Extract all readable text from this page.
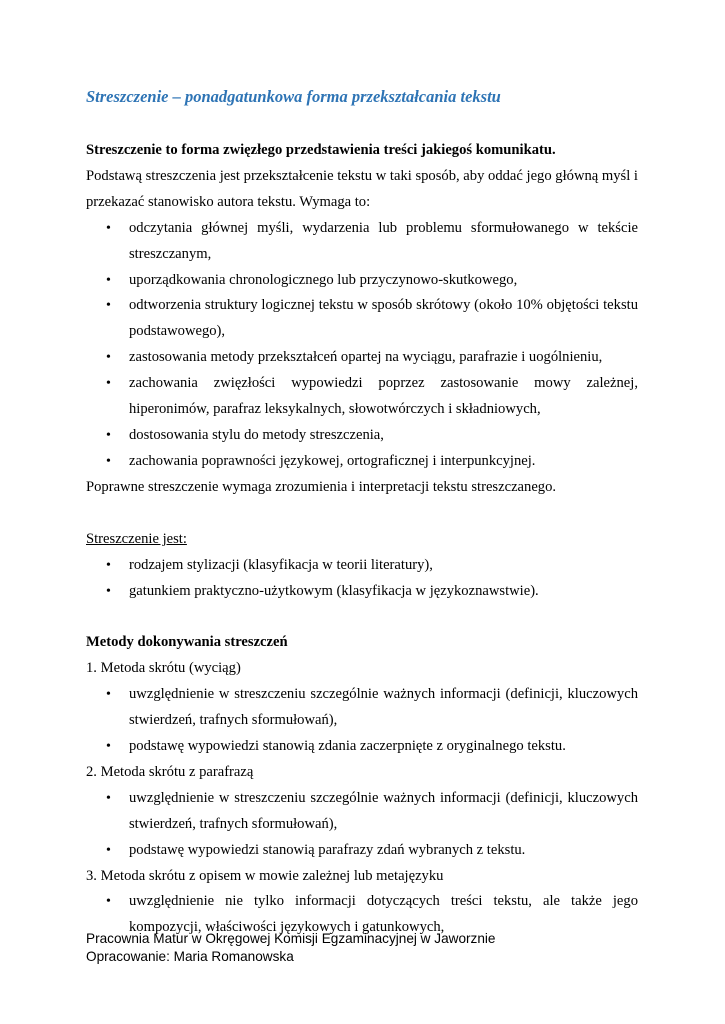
Streszczenie – ponadgatunkowa forma przekształcania tekstu

Streszczenie to forma zwięzłego przedstawienia treści jakiegoś komunikatu.

Podstawą streszczenia jest przekształcenie tekstu w taki sposób, aby oddać jego główną myśl i przekazać stanowisko autora tekstu. Wymaga to:

• odczytania głównej myśli, wydarzenia lub problemu sformułowanego w tekście streszczanym,
• uporządkowania chronologicznego lub przyczynowo-skutkowego,
• odtworzenia struktury logicznej tekstu w sposób skrótowy (około 10% objętości tekstu podstawowego),
• zastosowania metody przekształceń opartej na wyciągu, parafrazie i uogólnieniu,
• zachowania zwięzłości wypowiedzi poprzez zastosowanie mowy zależnej, hiperonimów, parafraz leksykalnych, słowotwórczych i składniowych,
• dostosowania stylu do metody streszczenia,
• zachowania poprawności językowej, ortograficznej i interpunkcyjnej.

Poprawne streszczenie wymaga zrozumienia i interpretacji tekstu streszczanego.

Streszczenie jest:

• rodzajem stylizacji (klasyfikacja w teorii literatury),
• gatunkiem praktyczno-użytkowym (klasyfikacja w językoznawstwie).

Metody dokonywania streszczeń

1. Metoda skrótu (wyciąg)

• uwzględnienie w streszczeniu szczególnie ważnych informacji (definicji, kluczowych stwierdzeń, trafnych sformułowań),
• podstawę wypowiedzi stanowią zdania zaczerpnięte z oryginalnego tekstu.

2. Metoda skrótu z parafrazą

• uwzględnienie w streszczeniu szczególnie ważnych informacji (definicji, kluczowych stwierdzeń, trafnych sformułowań),
• podstawę wypowiedzi stanowią parafrazy zdań wybranych z tekstu.

3. Metoda skrótu z opisem w mowie zależnej lub metajęzyku

• uwzględnienie nie tylko informacji dotyczących treści tekstu, ale także jego kompozycji, właściwości językowych i gatunkowych,
Pracownia Matur w Okręgowej Komisji Egzaminacyjnej w Jaworznie
Opracowanie: Maria Romanowska
